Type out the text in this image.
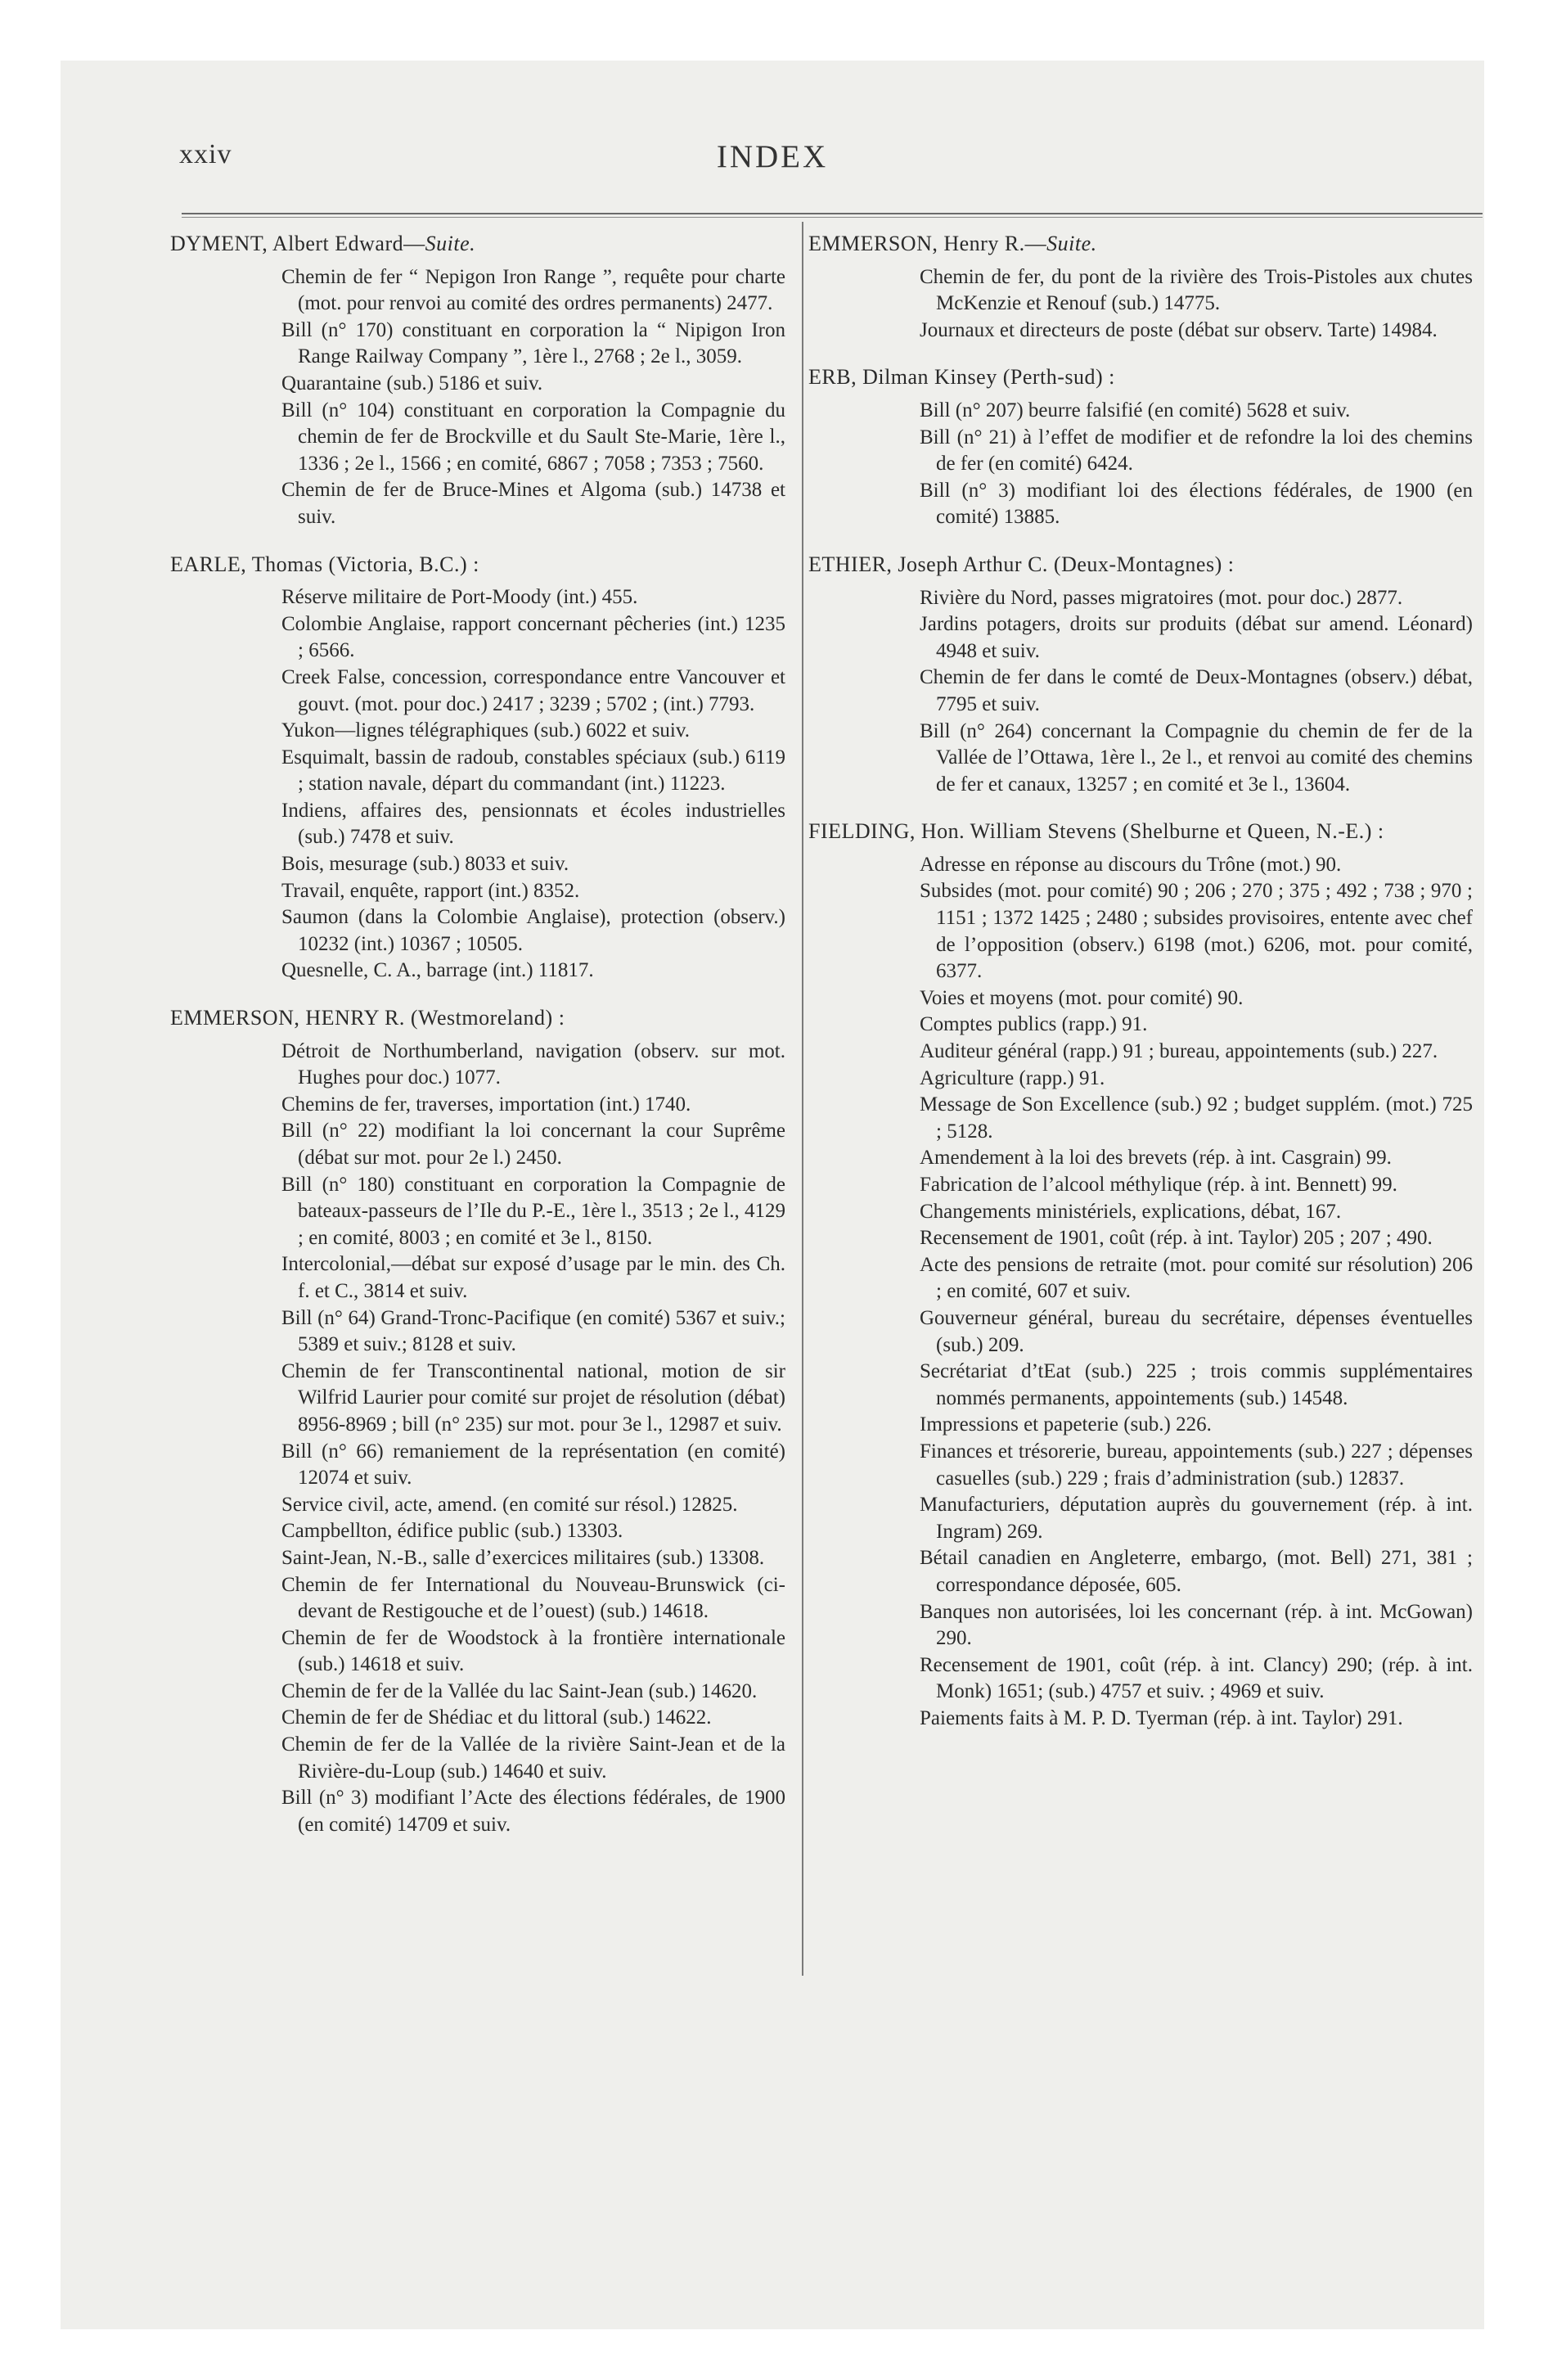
xxiv	INDEX
DYMENT, Albert Edward—Suite.
Chemin de fer “ Nepigon Iron Range ”, requête pour charte (mot. pour renvoi au comité des ordres permanents) 2477.
Bill (n° 170) constituant en corporation la “ Nipigon Iron Range Railway Company ”, 1ère l., 2768 ; 2e l., 3059.
Quarantaine (sub.) 5186 et suiv.
Bill (n° 104) constituant en corporation la Compagnie du chemin de fer de Brockville et du Sault Ste-Marie, 1ère l., 1336 ; 2e l., 1566 ; en comité, 6867 ; 7058 ; 7353 ; 7560.
Chemin de fer de Bruce-Mines et Algoma (sub.) 14738 et suiv.
EARLE, Thomas (Victoria, B.C.) :
Réserve militaire de Port-Moody (int.) 455.
Colombie Anglaise, rapport concernant pêcheries (int.) 1235 ; 6566.
Creek False, concession, correspondance entre Vancouver et gouvt. (mot. pour doc.) 2417 ; 3239 ; 5702 ; (int.) 7793.
Yukon—lignes télégraphiques (sub.) 6022 et suiv.
Esquimalt, bassin de radoub, constables spéciaux (sub.) 6119 ; station navale, départ du commandant (int.) 11223.
Indiens, affaires des, pensionnats et écoles industrielles (sub.) 7478 et suiv.
Bois, mesurage (sub.) 8033 et suiv.
Travail, enquête, rapport (int.) 8352.
Saumon (dans la Colombie Anglaise), protection (observ.) 10232 (int.) 10367 ; 10505.
Quesnelle, C. A., barrage (int.) 11817.
EMMERSON, HENRY R. (Westmoreland) :
Détroit de Northumberland, navigation (observ. sur mot. Hughes pour doc.) 1077.
Chemins de fer, traverses, importation (int.) 1740.
Bill (n° 22) modifiant la loi concernant la cour Suprême (débat sur mot. pour 2e l.) 2450.
Bill (n° 180) constituant en corporation la Compagnie de bateaux-passeurs de l’Ile du P.-E., 1ère l., 3513 ; 2e l., 4129 ; en comité, 8003 ; en comité et 3e l., 8150.
Intercolonial,—débat sur exposé d’usage par le min. des Ch. f. et C., 3814 et suiv.
Bill (n° 64) Grand-Tronc-Pacifique (en comité) 5367 et suiv.; 5389 et suiv.; 8128 et suiv.
Chemin de fer Transcontinental national, motion de sir Wilfrid Laurier pour comité sur projet de résolution (débat) 8956-8969 ; bill (n° 235) sur mot. pour 3e l., 12987 et suiv.
Bill (n° 66) remaniement de la représentation (en comité) 12074 et suiv.
Service civil, acte, amend. (en comité sur résol.) 12825.
Campbellton, édifice public (sub.) 13303.
Saint-Jean, N.-B., salle d’exercices militaires (sub.) 13308.
Chemin de fer International du Nouveau-Brunswick (ci-devant de Restigouche et de l’ouest) (sub.) 14618.
Chemin de fer de Woodstock à la frontière internationale (sub.) 14618 et suiv.
Chemin de fer de la Vallée du lac Saint-Jean (sub.) 14620.
Chemin de fer de Shédiac et du littoral (sub.) 14622.
Chemin de fer de la Vallée de la rivière Saint-Jean et de la Rivière-du-Loup (sub.) 14640 et suiv.
Bill (n° 3) modifiant l’Acte des élections fédérales, de 1900 (en comité) 14709 et suiv.
EMMERSON, Henry R.—Suite.
Chemin de fer, du pont de la rivière des Trois-Pistoles aux chutes McKenzie et Renouf (sub.) 14775.
Journaux et directeurs de poste (débat sur observ. Tarte) 14984.
ERB, Dilman Kinsey (Perth-sud) :
Bill (n° 207) beurre falsifié (en comité) 5628 et suiv.
Bill (n° 21) à l’effet de modifier et de refondre la loi des chemins de fer (en comité) 6424.
Bill (n° 3) modifiant loi des élections fédérales, de 1900 (en comité) 13885.
ETHIER, Joseph Arthur C. (Deux-Montagnes) :
Rivière du Nord, passes migratoires (mot. pour doc.) 2877.
Jardins potagers, droits sur produits (débat sur amend. Léonard) 4948 et suiv.
Chemin de fer dans le comté de Deux-Montagnes (observ.) débat, 7795 et suiv.
Bill (n° 264) concernant la Compagnie du chemin de fer de la Vallée de l’Ottawa, 1ère l., 2e l., et renvoi au comité des chemins de fer et canaux, 13257 ; en comité et 3e l., 13604.
FIELDING, Hon. William Stevens (Shelburne et Queen, N.-E.) :
Adresse en réponse au discours du Trône (mot.) 90.
Subsides (mot. pour comité) 90 ; 206 ; 270 ; 375 ; 492 ; 738 ; 970 ; 1151 ; 1372 1425 ; 2480 ; subsides provisoires, entente avec chef de l’opposition (observ.) 6198 (mot.) 6206, mot. pour comité, 6377.
Voies et moyens (mot. pour comité) 90.
Comptes publics (rapp.) 91.
Auditeur général (rapp.) 91 ; bureau, appointements (sub.) 227.
Agriculture (rapp.) 91.
Message de Son Excellence (sub.) 92 ; budget supplém. (mot.) 725 ; 5128.
Amendement à la loi des brevets (rép. à int. Casgrain) 99.
Fabrication de l’alcool méthylique (rép. à int. Bennett) 99.
Changements ministériels, explications, débat, 167.
Recensement de 1901, coût (rép. à int. Taylor) 205 ; 207 ; 490.
Acte des pensions de retraite (mot. pour comité sur résolution) 206 ; en comité, 607 et suiv.
Gouverneur général, bureau du secrétaire, dépenses éventuelles (sub.) 209.
Secrétariat d’tEat (sub.) 225 ; trois commis supplémentaires nommés permanents, appointements (sub.) 14548.
Impressions et papeterie (sub.) 226.
Finances et trésorerie, bureau, appointements (sub.) 227 ; dépenses casuelles (sub.) 229 ; frais d’administration (sub.) 12837.
Manufacturiers, députation auprès du gouvernement (rép. à int. Ingram) 269.
Bétail canadien en Angleterre, embargo, (mot. Bell) 271, 381 ; correspondance déposée, 605.
Banques non autorisées, loi les concernant (rép. à int. McGowan) 290.
Recensement de 1901, coût (rép. à int. Clancy) 290; (rép. à int. Monk) 1651; (sub.) 4757 et suiv. ; 4969 et suiv.
Paiements faits à M. P. D. Tyerman (rép. à int. Taylor) 291.
